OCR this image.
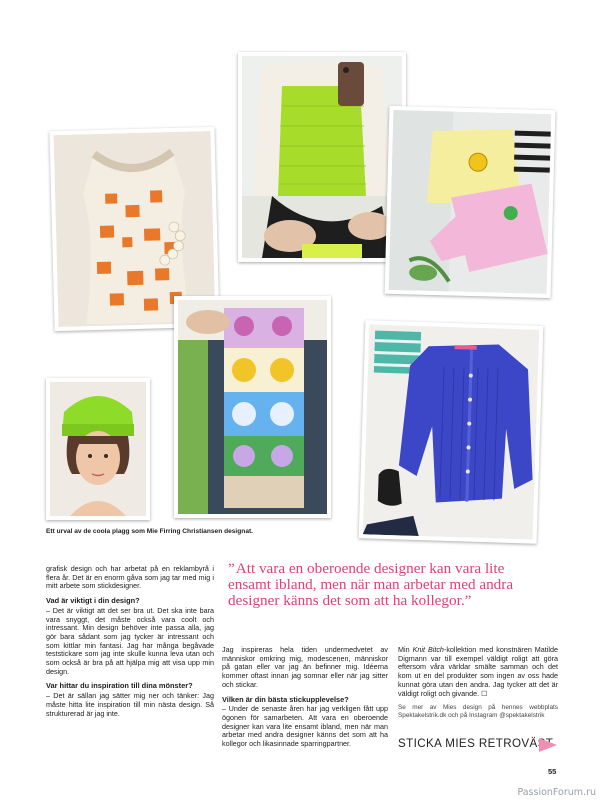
Ett urval av de coola plagg som Mie Firring Christiansen designat.

grafisk design och har arbetat på en reklambyrå i flera år. Det är en enorm gåva som jag tar med mig i mitt arbete som stickdesigner.

Vad är viktigt i din design?

– Det är viktigt att det ser bra ut. Det ska inte bara vara snyggt, det måste också vara coolt och intressant. Min design behöver inte passa alla, jag gör bara sådant som jag tycker är intressant och som kittlar min fantasi. Jag har många begåvade teststickare som jag inte skulle kunna leva utan och som också är bra på att hjälpa mig att visa upp min design.

Var hittar du inspiration till dina mönster?

– Det är sällan jag sätter mig ner och tänker: Jag måste hitta lite inspiration till min nästa design. Så strukturerad är jag inte.

”Att vara en oberoende designer kan vara lite ensamt ibland, men när man arbetar med andra designer känns det som att ha kollegor.”

Jag inspireras hela tiden undermedvetet av människor omkring mig, modescenen, människor på gatan eller var jag än befinner mig. Idéerna kommer oftast innan jag somnar eller när jag sitter och stickar.

Vilken är din bästa stickupplevelse?

– Under de senaste åren har jag verkligen fått upp ögonen för samarbeten. Att vara en oberoende designer kan vara lite ensamt ibland, men när man arbetar med andra designer känns det som att ha kollegor och likasinnade sparringpartner.

Min Knit Bitch-kollektion med konstnären Matilde Digmann var till exempel väldigt roligt att göra eftersom våra världar smälte samman och det kom ut en del produkter som ingen av oss hade kunnat göra utan den andra. Jag tycker att det är väldigt roligt och givande. ☐

Se mer av Mies design på hennes webbplats Spektakelstrik.dk och på Instagram @spektakelstrik
STICKA MIES RETROVÄST
55
PassionForum.ru
